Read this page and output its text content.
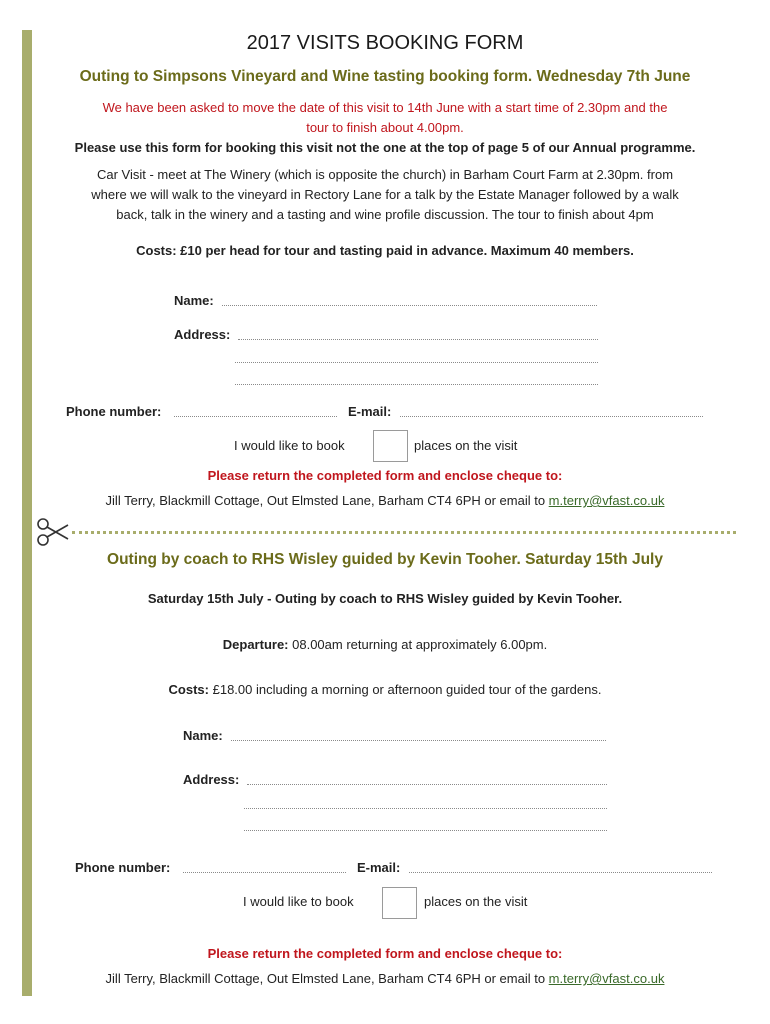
2017 VISITS BOOKING FORM
Outing to Simpsons Vineyard and Wine tasting booking form. Wednesday 7th June
We have been asked to move the date of this visit to 14th June with a start time of 2.30pm and the
tour to finish about 4.00pm.
Please use this form for booking this visit not the one at the top of page 5 of our Annual programme.
Car Visit - meet at The Winery (which is opposite the church) in Barham Court Farm at 2.30pm. from
where we will walk to the vineyard in Rectory Lane for a talk by the Estate Manager followed by a walk
back, talk in the winery and a tasting and wine profile discussion. The tour to finish about 4pm
Costs: £10 per head for tour and tasting paid in advance. Maximum 40 members.
Name:
Address:
Phone number:	E-mail:
I would like to book	places on the visit
Please return the completed form and enclose cheque to:
Jill Terry, Blackmill Cottage, Out Elmsted Lane, Barham CT4 6PH or email to m.terry@vfast.co.uk
Outing by coach to RHS Wisley guided by Kevin Tooher. Saturday 15th July
Saturday 15th July - Outing by coach to RHS Wisley guided by Kevin Tooher.
Departure: 08.00am returning at approximately 6.00pm.
Costs: £18.00 including a morning or afternoon guided tour of the gardens.
Name:
Address:
Phone number:	E-mail:
I would like to book	places on the visit
Please return the completed form and enclose cheque to:
Jill Terry, Blackmill Cottage, Out Elmsted Lane, Barham CT4 6PH or email to m.terry@vfast.co.uk
